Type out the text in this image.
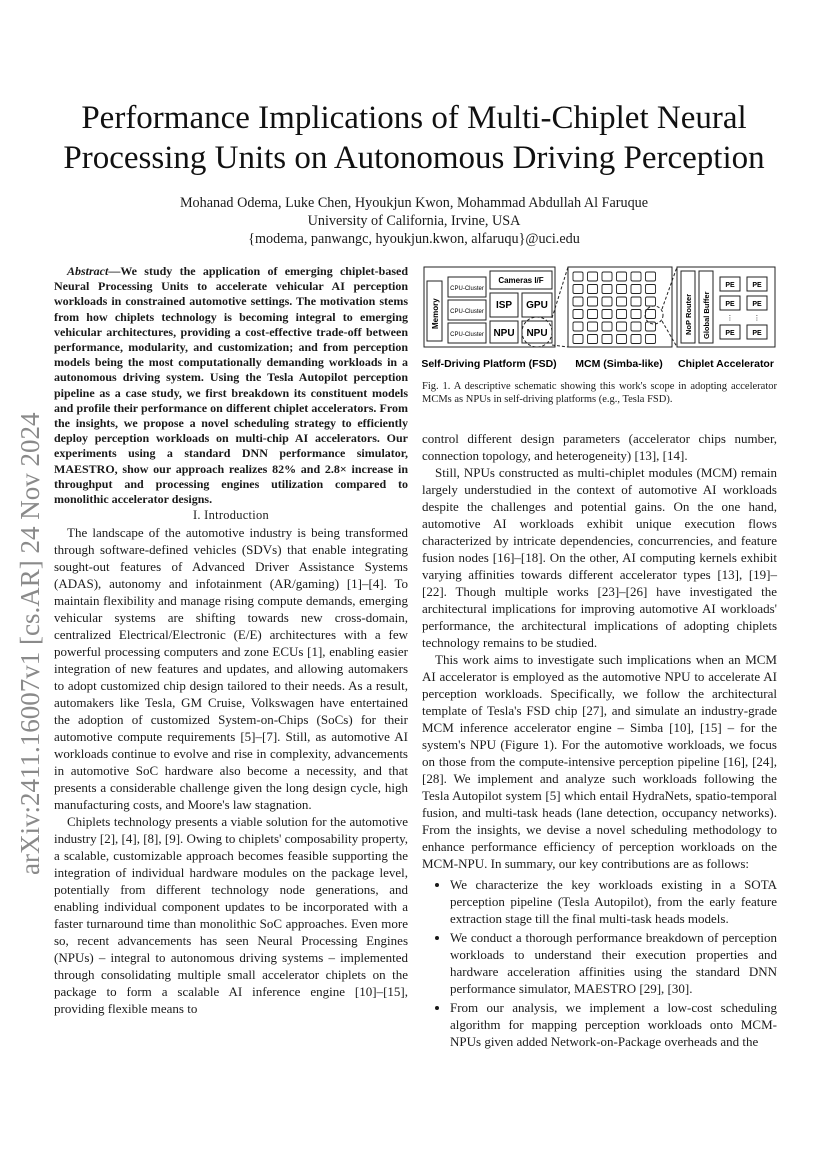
arXiv:2411.16007v1 [cs.AR] 24 Nov 2024
Performance Implications of Multi-Chiplet Neural
Processing Units on Autonomous Driving Perception
Mohanad Odema, Luke Chen, Hyoukjun Kwon, Mohammad Abdullah Al Faruque
University of California, Irvine, USA
{modema, panwangc, hyoukjun.kwon, alfaruqu}@uci.edu

Abstract—We study the application of emerging chiplet-based Neural Processing Units to accelerate vehicular AI perception workloads in constrained automotive settings. The motivation stems from how chiplets technology is becoming integral to emerging vehicular architectures, providing a cost-effective trade-off between performance, modularity, and customization; and from perception models being the most computationally demanding workloads in a autonomous driving system. Using the Tesla Autopilot perception pipeline as a case study, we first breakdown its constituent models and profile their performance on different chiplet accelerators. From the insights, we propose a novel scheduling strategy to efficiently deploy perception workloads on multi-chip AI accelerators. Our experiments using a standard DNN performance simulator, MAESTRO, show our approach realizes 82% and 2.8× increase in throughput and processing engines utilization compared to monolithic accelerator designs.

I. Introduction

The landscape of the automotive industry is being transformed through software-defined vehicles (SDVs) that enable integrating sought-out features of Advanced Driver Assistance Systems (ADAS), autonomy and infotainment (AR/gaming) [1]–[4]. To maintain flexibility and manage rising compute demands, emerging vehicular systems are shifting towards new cross-domain, centralized Electrical/Electronic (E/E) architectures with a few powerful processing computers and zone ECUs [1], enabling easier integration of new features and updates, and allowing automakers to adopt customized chip design tailored to their needs. As a result, automakers like Tesla, GM Cruise, Volkswagen have entertained the adoption of customized System-on-Chips (SoCs) for their automotive compute requirements [5]–[7]. Still, as automotive AI workloads continue to evolve and rise in complexity, advancements in automotive SoC hardware also become a necessity, and that presents a considerable challenge given the long design cycle, high manufacturing costs, and Moore's law stagnation.

Chiplets technology presents a viable solution for the automotive industry [2], [4], [8], [9]. Owing to chiplets' composability property, a scalable, customizable approach becomes feasible supporting the integration of individual hardware modules on the package level, potentially from different technology node generations, and enabling individual component updates to be incorporated with a faster turnaround time than monolithic SoC approaches. Even more so, recent advancements has seen Neural Processing Engines (NPUs) – integral to autonomous driving systems – implemented through consolidating multiple small accelerator chiplets on the package to form a scalable AI inference engine [10]–[15], providing flexible means to

Memory
CPU-Cluster
CPU-Cluster
CPU-Cluster
Cameras I/F
ISP GPU
NPU NPU	NoP Router Global Buffer
PE	PE
PE	PE
⋮	⋮
PE	PE
Self-Driving Platform (FSD) MCM (Simba-like) Chiplet Accelerator
Fig. 1. A descriptive schematic showing this work's scope in adopting accelerator MCMs as NPUs in self-driving platforms (e.g., Tesla FSD).

control different design parameters (accelerator chips number, connection topology, and heterogeneity) [13], [14].

Still, NPUs constructed as multi-chiplet modules (MCM) remain largely understudied in the context of automotive AI workloads despite the challenges and potential gains. On the one hand, automotive AI workloads exhibit unique execution flows characterized by intricate dependencies, concurrencies, and feature fusion nodes [16]–[18]. On the other, AI computing kernels exhibit varying affinities towards different accelerator types [13], [19]–[22]. Though multiple works [23]–[26] have investigated the architectural implications for improving automotive AI workloads' performance, the architectural implications of adopting chiplets technology remains to be studied.

This work aims to investigate such implications when an MCM AI accelerator is employed as the automotive NPU to accelerate AI perception workloads. Specifically, we follow the architectural template of Tesla's FSD chip [27], and simulate an industry-grade MCM inference accelerator engine – Simba [10], [15] – for the system's NPU (Figure 1). For the automotive workloads, we focus on those from the compute-intensive perception pipeline [16], [24], [28]. We implement and analyze such workloads following the Tesla Autopilot system [5] which entail HydraNets, spatio-temporal fusion, and multi-task heads (lane detection, occupancy networks). From the insights, we devise a novel scheduling methodology to enhance performance efficiency of perception workloads on the MCM-NPU. In summary, our key contributions are as follows:

• We characterize the key workloads existing in a SOTA perception pipeline (Tesla Autopilot), from the early feature extraction stage till the final multi-task heads models.
• We conduct a thorough performance breakdown of perception workloads to understand their execution properties and hardware acceleration affinities using the standard DNN performance simulator, MAESTRO [29], [30].
• From our analysis, we implement a low-cost scheduling algorithm for mapping perception workloads onto MCM-NPUs given added Network-on-Package overheads and the
